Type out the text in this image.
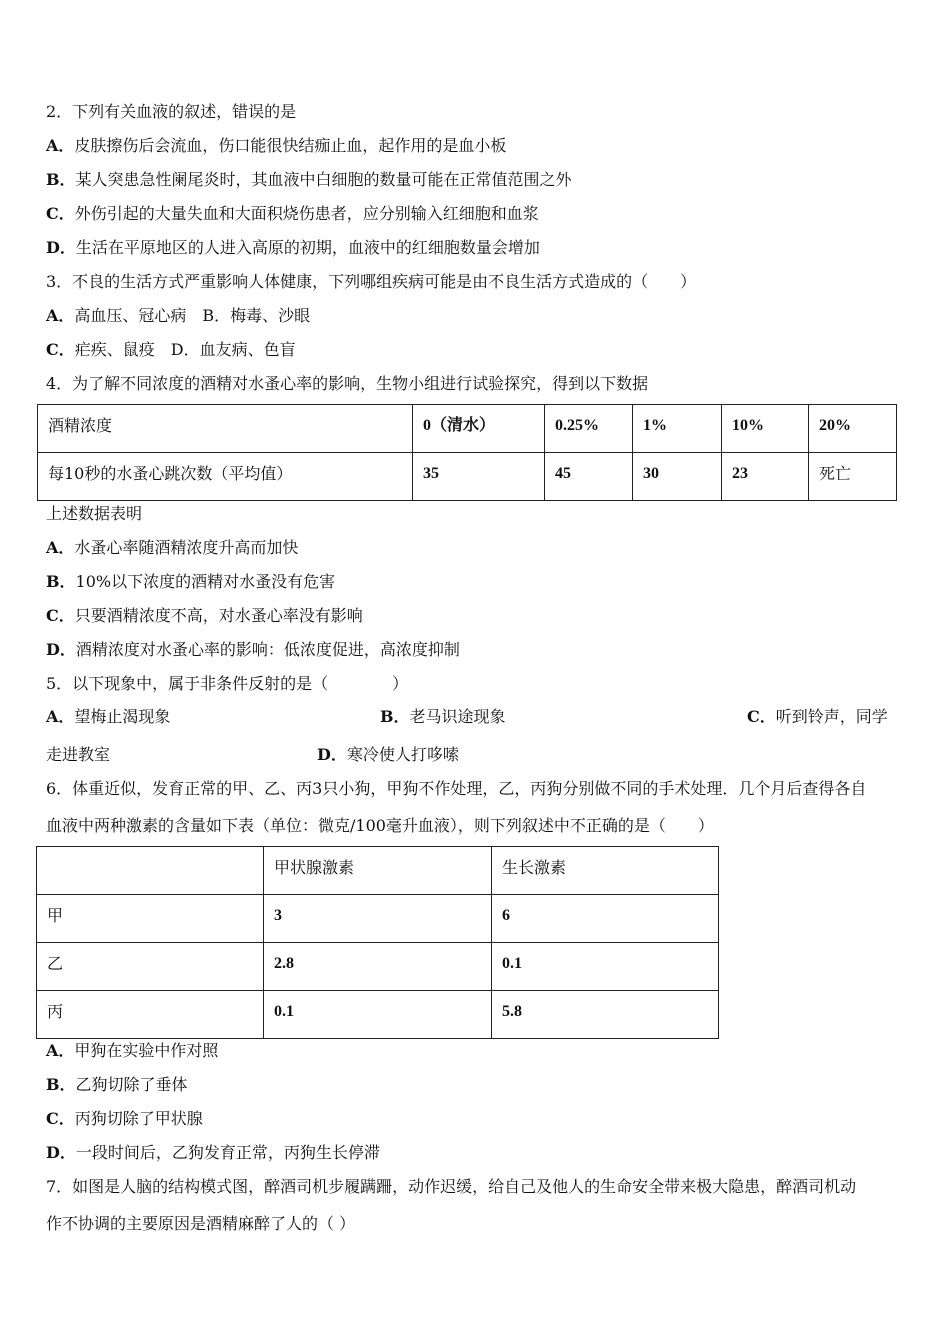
2．下列有关血液的叙述，错误的是
A．皮肤擦伤后会流血，伤口能很快结痂止血，起作用的是血小板
B．某人突患急性阑尾炎时，其血液中白细胞的数量可能在正常值范围之外
C．外伤引起的大量失血和大面积烧伤患者，应分别输入红细胞和血浆
D．生活在平原地区的人进入高原的初期，血液中的红细胞数量会增加
3．不良的生活方式严重影响人体健康，下列哪组疾病可能是由不良生活方式造成的（　　）
A．高血压、冠心病　B．梅毒、沙眼
C．疟疾、鼠疫　D．血友病、色盲
4．为了解不同浓度的酒精对水蚤心率的影响，生物小组进行试验探究，得到以下数据
酒精浓度	0（清水）	0.25%	1%	10%	20%
每10秒的水蚤心跳次数（平均值）	35	45	30	23	死亡
上述数据表明
A．水蚤心率随酒精浓度升高而加快
B．10%以下浓度的酒精对水蚤没有危害
C．只要酒精浓度不高，对水蚤心率没有影响
D．酒精浓度对水蚤心率的影响：低浓度促进，高浓度抑制
5．以下现象中，属于非条件反射的是（　　　　）
A．望梅止渴现象	B．老马识途现象	C．听到铃声，同学
走进教室	D．寒冷使人打哆嗦
6．体重近似，发育正常的甲、乙、丙3只小狗，甲狗不作处理，乙，丙狗分别做不同的手术处理．几个月后查得各自
血液中两种激素的含量如下表（单位：微克/100毫升血液），则下列叙述中不正确的是（　　）
	甲状腺激素	生长激素
甲	3	6
乙	2.8	0.1
丙	0.1	5.8
A．甲狗在实验中作对照
B．乙狗切除了垂体
C．丙狗切除了甲状腺
D．一段时间后，乙狗发育正常，丙狗生长停滞
7．如图是人脑的结构模式图，醉酒司机步履蹒跚，动作迟缓，给自己及他人的生命安全带来极大隐患，醉酒司机动
作不协调的主要原因是酒精麻醉了人的（ ）
